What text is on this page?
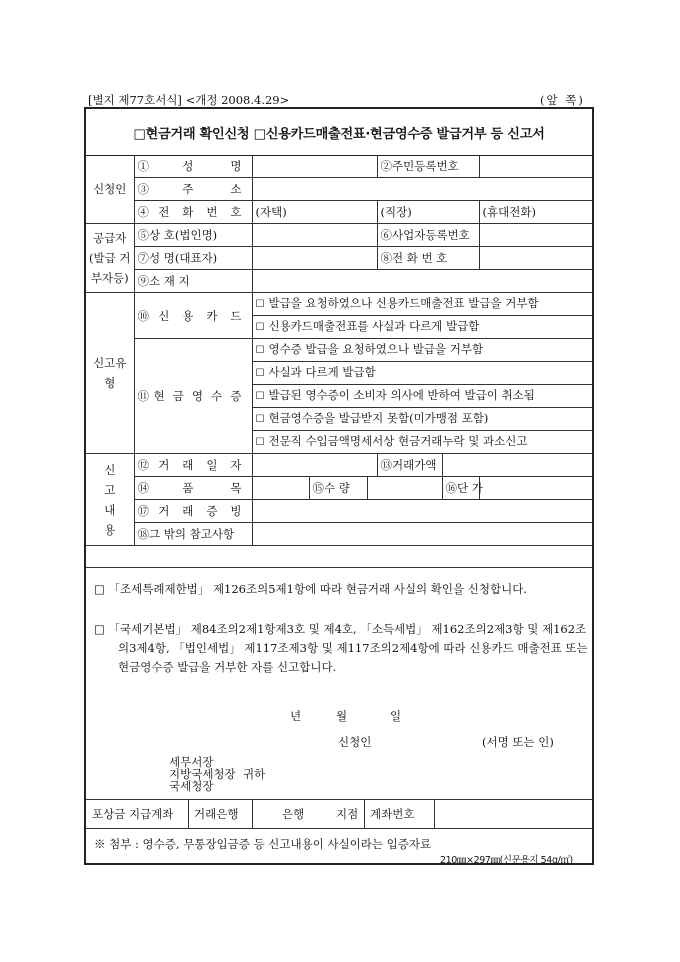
[별지 제77호서식] <개정 2008.4.29>	(앞 쪽)
□현금거래 확인신청 □신용카드매출전표·현금영수증 발급거부 등 신고서
신청인	①성 명				②주민등록번호		
	③주 소						
	④전 화 번 호	(자택)			(직장)		(휴대전화)
공급자 (발급 거부자등)	⑤상 호(법인명)				⑥사업자등록번호		
	⑦성 명(대표자)				⑧전 화 번 호		
	⑨소 재 지						
신고유형	⑩신 용 카 드	☐ 발급을 요청하였으나 신용카드매출전표 발급을 거부함					
		☐ 신용카드매출전표를 사실과 다르게 발급함					
	⑪현 금 영 수 증	☐ 영수증 발급을 요청하였으나 발급을 거부함					
		☐ 사실과 다르게 발급함					
		☐ 발급된 영수증이 소비자 의사에 반하여 발급이 취소됨					
		☐ 현금영수증을 발급받지 못함(미가맹점 포함)					
		☐ 전문직 수입금액명세서상 현금거래누락 및 과소신고					
신 고 내 용	⑫거 래 일 자				⑬거래가액		
	⑭품 목		⑮수 량			⑯단 가	
	⑰거 래 증 빙						
	⑱그 밖의 참고사항						
□ 「조세특례제한법」 제126조의5제1항에 따라 현금거래 사실의 확인을 신청합니다.
□ 「국세기본법」 제84조의2제1항제3호 및 제4호, 「소득세법」 제162조의2제3항 및 제162조의3제4항, 「법인세법」 제117조제3항 및 제117조의2제4항에 따라 신용카드 매출전표 또는 현금영수증 발급을 거부한 자를 신고합니다.
년	월	일
신청인	(서명 또는 인)
세무서장
지방국세청장 귀하
국세청장
포상금 지급계좌 거래은행	은행	지점 계좌번호
※ 첨부 : 영수증, 무통장입금증 등 신고내용이 사실이라는 입증자료
210㎜×297㎜(신문용지 54g/㎡)
